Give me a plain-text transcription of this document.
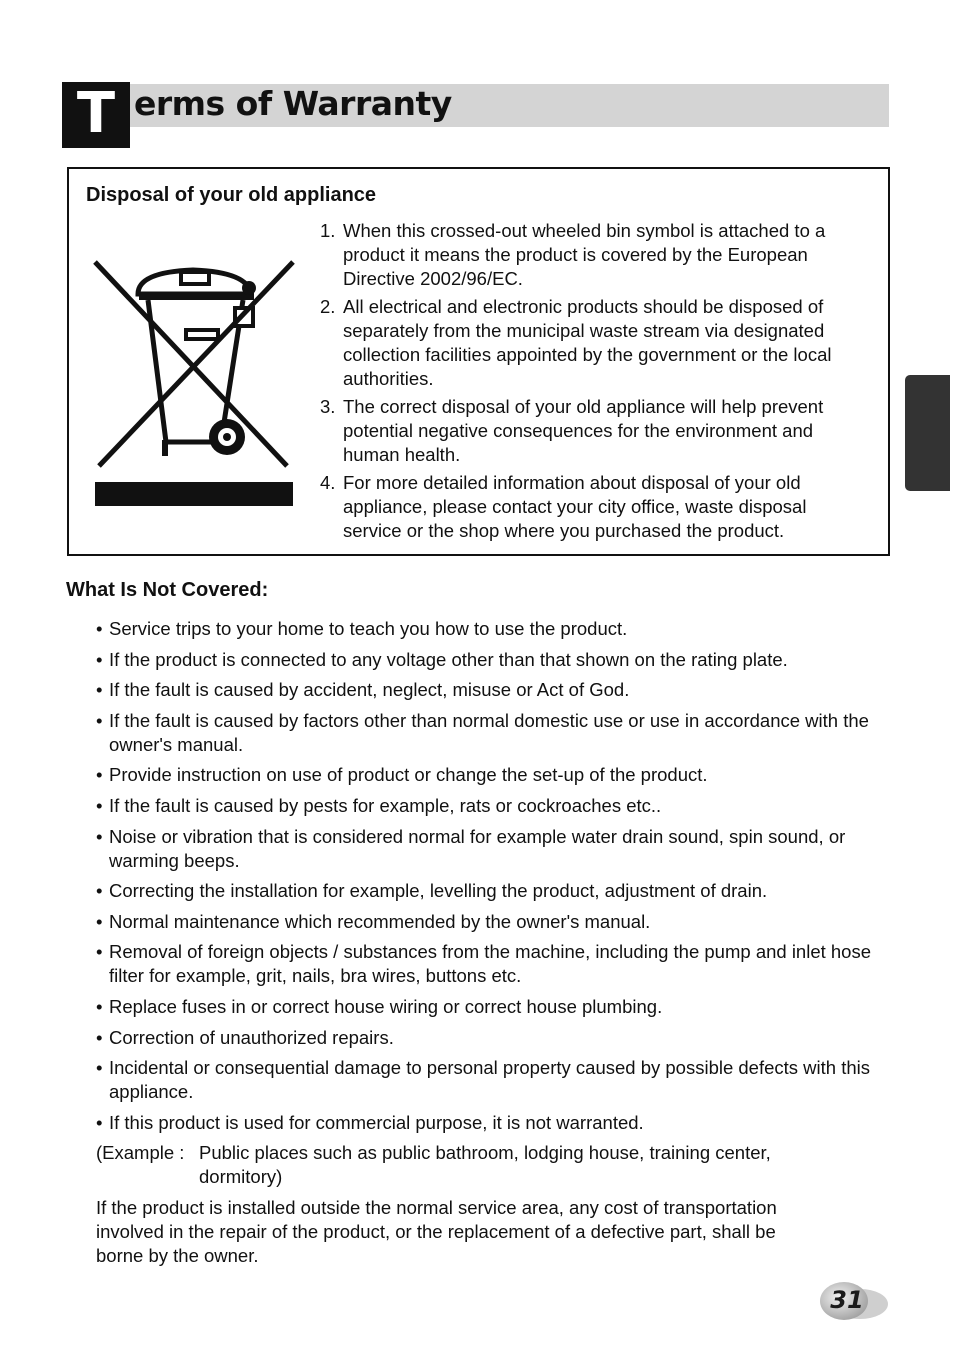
T erms of Warranty
Disposal of your old appliance
1. When this crossed-out wheeled bin symbol is attached to a product it means the product is covered by the European Directive 2002/96/EC.
2. All electrical and electronic products should be disposed of separately from the municipal waste stream via designated collection facilities appointed by the government or the local authorities.
3. The correct disposal of your old appliance will help prevent potential negative consequences for the environment and human health.
4. For more detailed information about disposal of your old appliance, please contact your city office, waste disposal service or the shop where you purchased the product.
What Is Not Covered:
• Service trips to your home to teach you how to use the product.
• If the product is connected to any voltage other than that shown on the rating plate.
• If the fault is caused by accident, neglect, misuse or Act of God.
• If the fault is caused by factors other than normal domestic use or use in accordance with the owner's manual.
• Provide instruction on use of product or change the set-up of the product.
• If the fault is caused by pests for example, rats or cockroaches etc..
• Noise or vibration that is considered normal for example water drain sound, spin sound, or warming beeps.
• Correcting the installation for example, levelling the product, adjustment of drain.
• Normal maintenance which recommended by the owner's manual.
• Removal of foreign objects / substances from the machine, including the pump and inlet hose filter for example, grit, nails, bra wires, buttons etc.
• Replace fuses in or correct house wiring or correct house plumbing.
• Correction of unauthorized repairs.
• Incidental or consequential damage to personal property caused by possible defects with this appliance.
• If this product is used for commercial purpose, it is not warranted.
(Example : Public places such as public bathroom, lodging house, training center, dormitory)
If the product is installed outside the normal service area, any cost of transportation involved in the repair of the product, or the replacement of a defective part, shall be borne by the owner.
31
